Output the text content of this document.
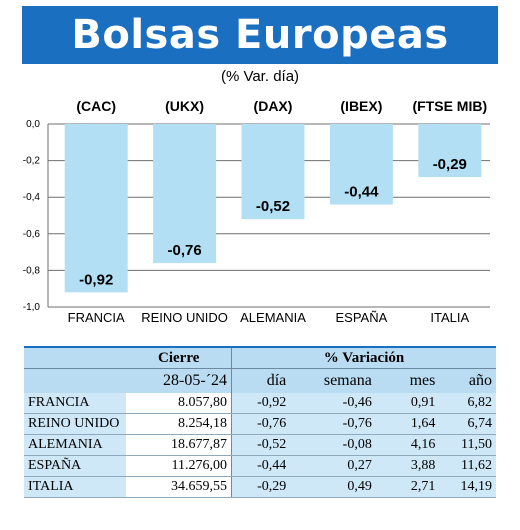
Bolsas Europeas
(% Var. día)
0,0
-0,2
-0,4
-0,6
-0,8
-1,0
-0,92
(CAC)
FRANCIA
-0,76
(UKX)
REINO UNIDO
-0,52
(DAX)
ALEMANIA
-0,44
(IBEX)
ESPAÑA
-0,29
(FTSE MIB)
ITALIA
	Cierre	% Variación			
	28-05-´24	día	semana	mes	año
FRANCIA	8.057,80	-0,92	-0,46	0,91	6,82
REINO UNIDO	8.254,18	-0,76	-0,76	1,64	6,74
ALEMANIA	18.677,87	-0,52	-0,08	4,16	11,50
ESPAÑA	11.276,00	-0,44	0,27	3,88	11,62
ITALIA	34.659,55	-0,29	0,49	2,71	14,19
